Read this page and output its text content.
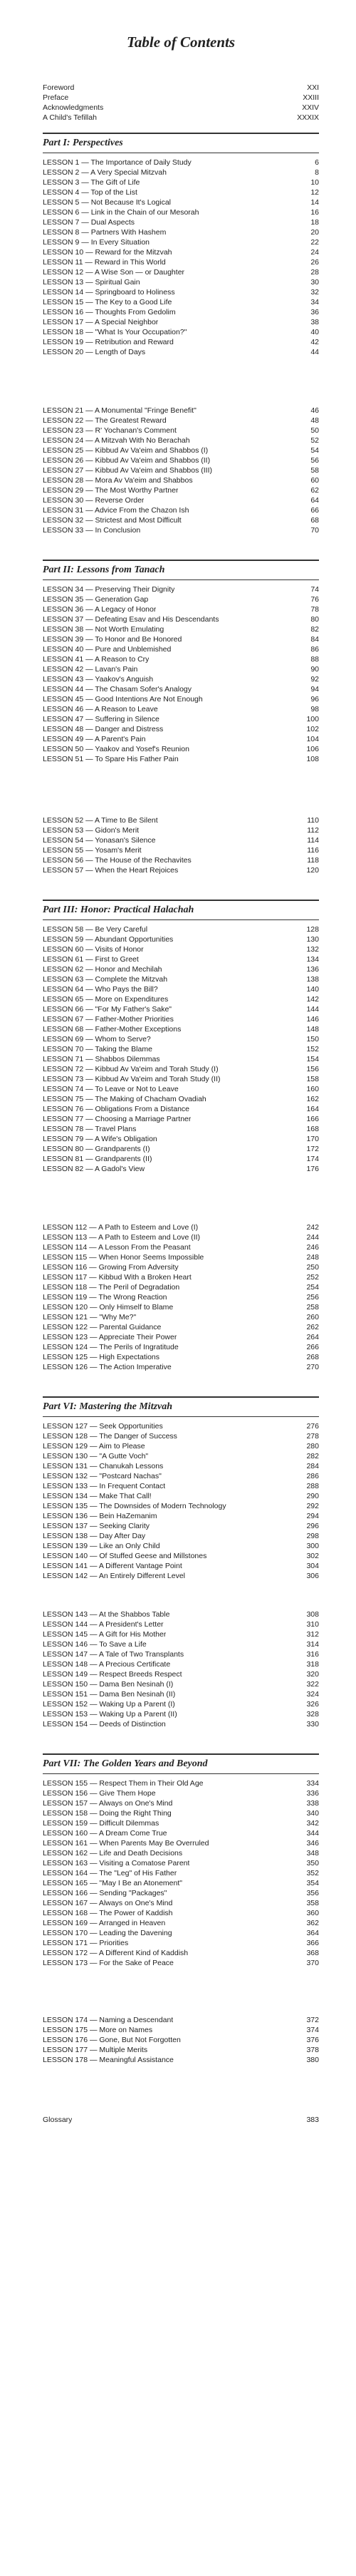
Table of Contents
Foreword	XXI
Preface	XXIII
Acknowledgments	XXIV
A Child's Tefillah	XXXIX
Part I: Perspectives
LESSON 1 — The Importance of Daily Study	6
LESSON 2 — A Very Special Mitzvah	8
LESSON 3 — The Gift of Life	10
LESSON 4 — Top of the List	12
LESSON 5 — Not Because It's Logical	14
LESSON 6 — Link in the Chain of our Mesorah	16
LESSON 7 — Dual Aspects	18
LESSON 8 — Partners With Hashem	20
LESSON 9 — In Every Situation	22
LESSON 10 — Reward for the Mitzvah	24
LESSON 11 — Reward in This World	26
LESSON 12 — A Wise Son — or Daughter	28
LESSON 13 — Spiritual Gain	30
LESSON 14 — Springboard to Holiness	32
LESSON 15 — The Key to a Good Life	34
LESSON 16 — Thoughts From Gedolim	36
LESSON 17 — A Special Neighbor	38
LESSON 18 — "What Is Your Occupation?"	40
LESSON 19 — Retribution and Reward	42
LESSON 20 — Length of Days	44
LESSON 21 — A Monumental "Fringe Benefit"	46
LESSON 22 — The Greatest Reward	48
LESSON 23 — R' Yochanan's Comment	50
LESSON 24 — A Mitzvah With No Berachah	52
LESSON 25 — Kibbud Av Va'eim and Shabbos (I)	54
LESSON 26 — Kibbud Av Va'eim and Shabbos (II)	56
LESSON 27 — Kibbud Av Va'eim and Shabbos (III)	58
LESSON 28 — Mora Av Va'eim and Shabbos	60
LESSON 29 — The Most Worthy Partner	62
LESSON 30 — Reverse Order	64
LESSON 31 — Advice From the Chazon Ish	66
LESSON 32 — Strictest and Most Difficult	68
LESSON 33 — In Conclusion	70
Part II: Lessons from Tanach
LESSON 34 — Preserving Their Dignity	74
LESSON 35 — Generation Gap	76
LESSON 36 — A Legacy of Honor	78
LESSON 37 — Defeating Esav and His Descendants	80
LESSON 38 — Not Worth Emulating	82
LESSON 39 — To Honor and Be Honored	84
LESSON 40 — Pure and Unblemished	86
LESSON 41 — A Reason to Cry	88
LESSON 42 — Lavan's Pain	90
LESSON 43 — Yaakov's Anguish	92
LESSON 44 — The Chasam Sofer's Analogy	94
LESSON 45 — Good Intentions Are Not Enough	96
LESSON 46 — A Reason to Leave	98
LESSON 47 — Suffering in Silence	100
LESSON 48 — Danger and Distress	102
LESSON 49 — A Parent's Pain	104
LESSON 50 — Yaakov and Yosef's Reunion	106
LESSON 51 — To Spare His Father Pain	108
LESSON 52 — A Time to Be Silent	110
LESSON 53 — Gidon's Merit	112
LESSON 54 — Yonasan's Silence	114
LESSON 55 — Yosam's Merit	116
LESSON 56 — The House of the Rechavites	118
LESSON 57 — When the Heart Rejoices	120
Part III: Honor: Practical Halachah
LESSON 58 — Be Very Careful	128
LESSON 59 — Abundant Opportunities	130
LESSON 60 — Visits of Honor	132
LESSON 61 — First to Greet	134
LESSON 62 — Honor and Mechilah	136
LESSON 63 — Complete the Mitzvah	138
LESSON 64 — Who Pays the Bill?	140
LESSON 65 — More on Expenditures	142
LESSON 66 — "For My Father's Sake"	144
LESSON 67 — Father-Mother Priorities	146
LESSON 68 — Father-Mother Exceptions	148
LESSON 69 — Whom to Serve?	150
LESSON 70 — Taking the Blame	152
LESSON 71 — Shabbos Dilemmas	154
LESSON 72 — Kibbud Av Va'eim and Torah Study (I)	156
LESSON 73 — Kibbud Av Va'eim and Torah Study (II)	158
LESSON 74 — To Leave or Not to Leave	160
LESSON 75 — The Making of Chacham Ovadiah	162
LESSON 76 — Obligations From a Distance	164
LESSON 77 — Choosing a Marriage Partner	166
LESSON 78 — Travel Plans	168
LESSON 79 — A Wife's Obligation	170
LESSON 80 — Grandparents (I)	172
LESSON 81 — Grandparents (II)	174
LESSON 82 — A Gadol's View	176
LESSON 112 — A Path to Esteem and Love (I)	242
LESSON 113 — A Path to Esteem and Love (II)	244
LESSON 114 — A Lesson From the Peasant	246
LESSON 115 — When Honor Seems Impossible	248
LESSON 116 — Growing From Adversity	250
LESSON 117 — Kibbud With a Broken Heart	252
LESSON 118 — The Peril of Degradation	254
LESSON 119 — The Wrong Reaction	256
LESSON 120 — Only Himself to Blame	258
LESSON 121 — "Why Me?"	260
LESSON 122 — Parental Guidance	262
LESSON 123 — Appreciate Their Power	264
LESSON 124 — The Perils of Ingratitude	266
LESSON 125 — High Expectations	268
LESSON 126 — The Action Imperative	270
Part VI: Mastering the Mitzvah
LESSON 127 — Seek Opportunities	276
LESSON 128 — The Danger of Success	278
LESSON 129 — Aim to Please	280
LESSON 130 — "A Gutte Voch"	282
LESSON 131 — Chanukah Lessons	284
LESSON 132 — "Postcard Nachas"	286
LESSON 133 — In Frequent Contact	288
LESSON 134 — Make That Call!	290
LESSON 135 — The Downsides of Modern Technology	292
LESSON 136 — Bein HaZemanim	294
LESSON 137 — Seeking Clarity	296
LESSON 138 — Day After Day	298
LESSON 139 — Like an Only Child	300
LESSON 140 — Of Stuffed Geese and Millstones	302
LESSON 141 — A Different Vantage Point	304
LESSON 142 — An Entirely Different Level	306
LESSON 143 — At the Shabbos Table	308
LESSON 144 — A President's Letter	310
LESSON 145 — A Gift for His Mother	312
LESSON 146 — To Save a Life	314
LESSON 147 — A Tale of Two Transplants	316
LESSON 148 — A Precious Certificate	318
LESSON 149 — Respect Breeds Respect	320
LESSON 150 — Dama Ben Nesinah (I)	322
LESSON 151 — Dama Ben Nesinah (II)	324
LESSON 152 — Waking Up a Parent (I)	326
LESSON 153 — Waking Up a Parent (II)	328
LESSON 154 — Deeds of Distinction	330
Part VII: The Golden Years and Beyond
LESSON 155 — Respect Them in Their Old Age	334
LESSON 156 — Give Them Hope	336
LESSON 157 — Always on One's Mind	338
LESSON 158 — Doing the Right Thing	340
LESSON 159 — Difficult Dilemmas	342
LESSON 160 — A Dream Come True	344
LESSON 161 — When Parents May Be Overruled	346
LESSON 162 — Life and Death Decisions	348
LESSON 163 — Visiting a Comatose Parent	350
LESSON 164 — The "Leg" of His Father	352
LESSON 165 — "May I Be an Atonement"	354
LESSON 166 — Sending "Packages"	356
LESSON 167 — Always on One's Mind	358
LESSON 168 — The Power of Kaddish	360
LESSON 169 — Arranged in Heaven	362
LESSON 170 — Leading the Davening	364
LESSON 171 — Priorities	366
LESSON 172 — A Different Kind of Kaddish	368
LESSON 173 — For the Sake of Peace	370
LESSON 174 — Naming a Descendant	372
LESSON 175 — More on Names	374
LESSON 176 — Gone, But Not Forgotten	376
LESSON 177 — Multiple Merits	378
LESSON 178 — Meaningful Assistance	380
Glossary	383
